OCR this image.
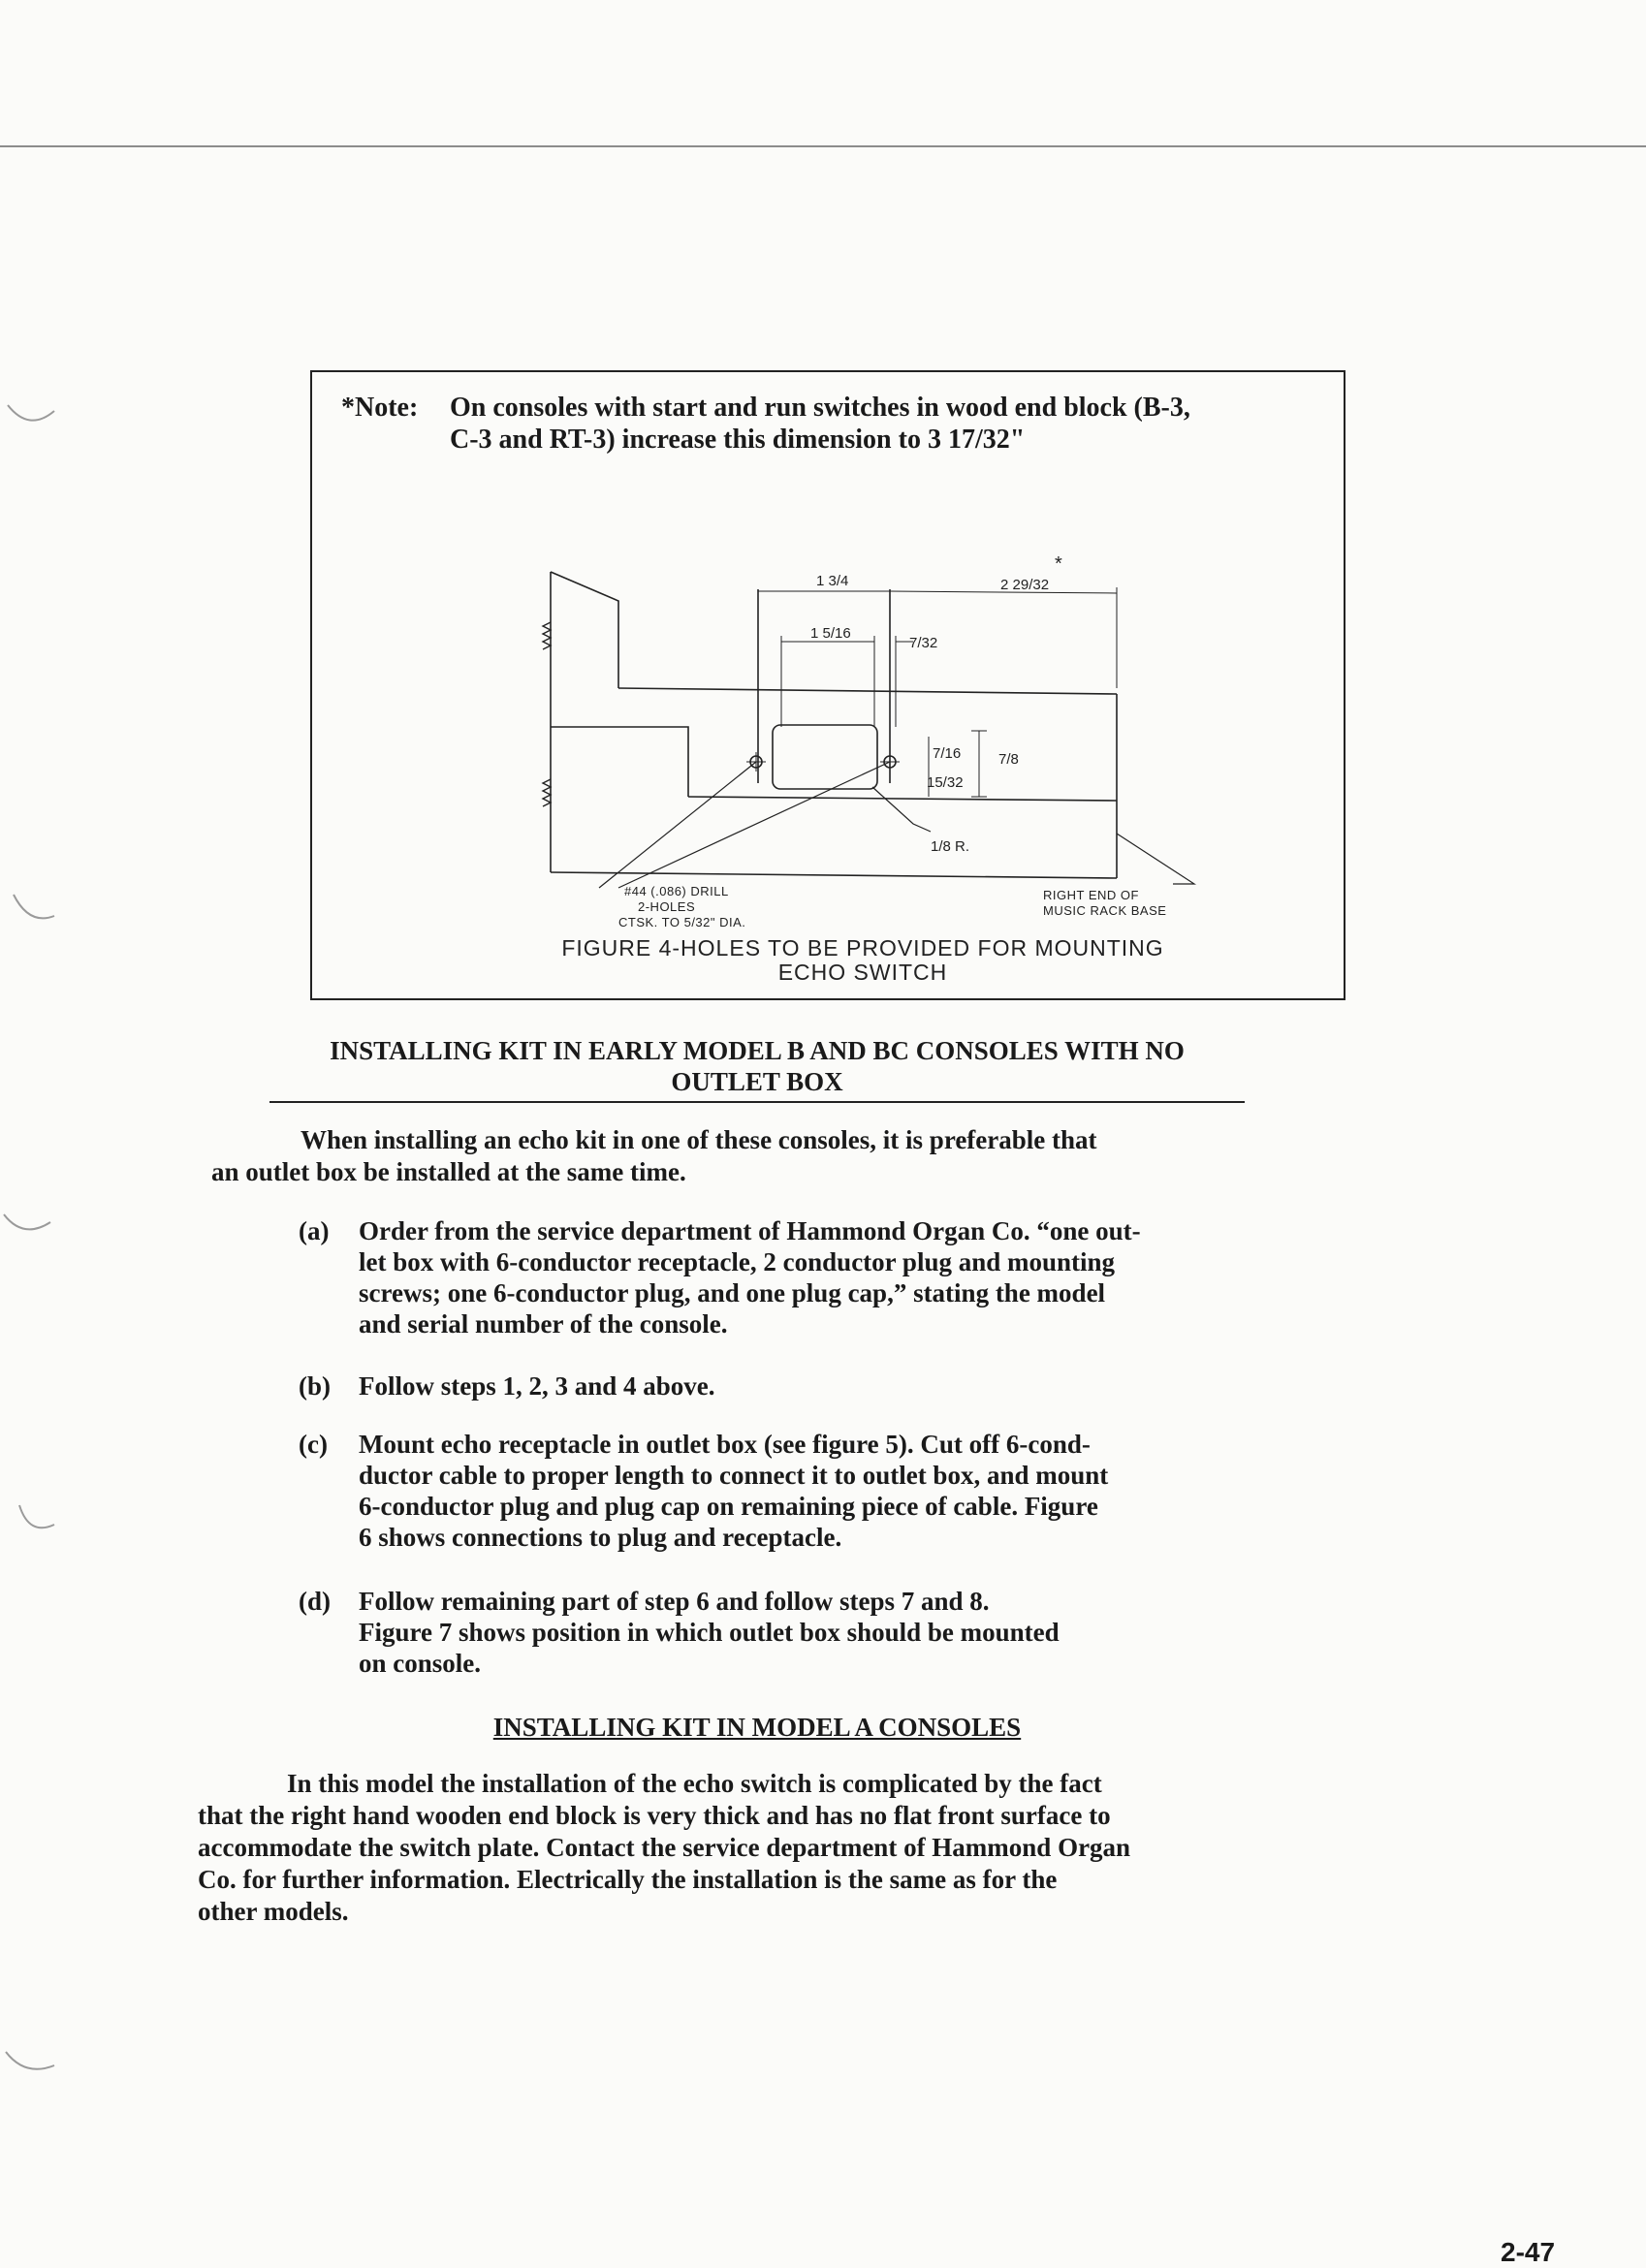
*Note: On consoles with start and run switches in wood end block (B-3,
C-3 and RT-3) increase this dimension to 3 17/32"
1 3/4	2 29/32
*
1 5/16
7/32
7/16	7/8
15/32
1/8 R.
#44 (.086) DRILL
2-HOLES
CTSK. TO 5/32" DIA.
RIGHT END OF
MUSIC RACK BASE
FIGURE 4-HOLES TO BE PROVIDED FOR MOUNTING
ECHO SWITCH
INSTALLING KIT IN EARLY MODEL B AND BC CONSOLES WITH NO
OUTLET BOX
When installing an echo kit in one of these consoles, it is preferable that
an outlet box be installed at the same time.
(a) Order from the service department of Hammond Organ Co. “one out-
let box with 6-conductor receptacle, 2 conductor plug and mounting
screws; one 6-conductor plug, and one plug cap,” stating the model
and serial number of the console.
(b) Follow steps 1, 2, 3 and 4 above.
(c) Mount echo receptacle in outlet box (see figure 5). Cut off 6-cond-
ductor cable to proper length to connect it to outlet box, and mount
6-conductor plug and plug cap on remaining piece of cable. Figure
6 shows connections to plug and receptacle.
(d) Follow remaining part of step 6 and follow steps 7 and 8.
Figure 7 shows position in which outlet box should be mounted
on console.
INSTALLING KIT IN MODEL A CONSOLES
In this model the installation of the echo switch is complicated by the fact
that the right hand wooden end block is very thick and has no flat front surface to
accommodate the switch plate. Contact the service department of Hammond Organ
Co. for further information. Electrically the installation is the same as for the
other models.
2-47
